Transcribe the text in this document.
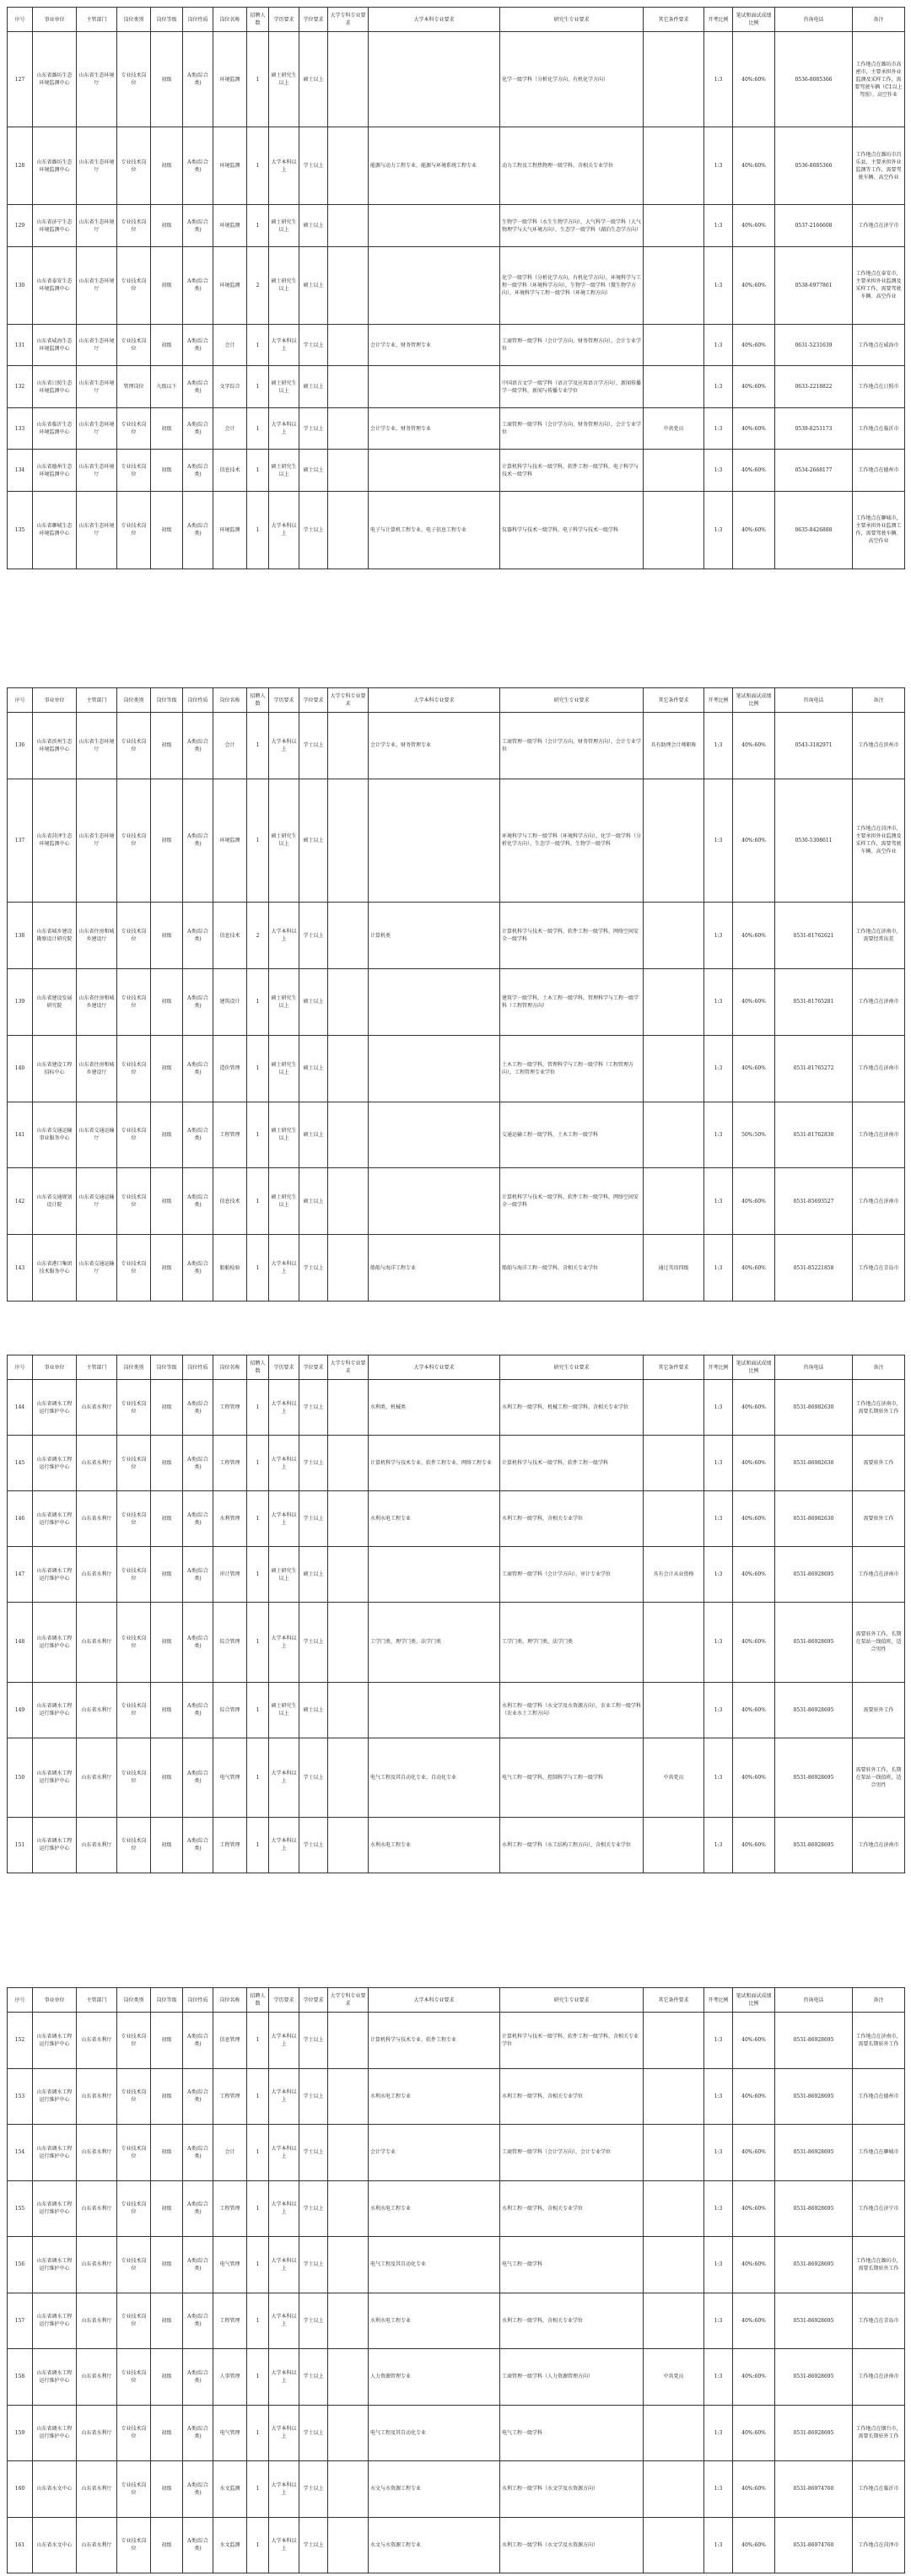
序号	事业单位	主管部门	岗位类别	岗位等级	岗位性质	岗位名称	招聘人数	学历要求	学位要求	大学专科专业要求	大学本科专业要求	研究生专业要求	其它条件要求	开考比例	笔试和面试成绩比例	咨询电话	备注
127	山东省潍坊生态环境监测中心	山东省生态环境厅	专业技术岗位	初级	A类(综合类)	环境监测	1	硕士研究生以上	硕士以上			化学一级学科（分析化学方向、有机化学方向）		1:3	40%:60%	0536-8085366	工作地点在潍坊市高密市，主要承担外业监测及采样工作，需要驾驶车辆（C1以上驾照）、高空作业
128	山东省潍坊生态环境监测中心	山东省生态环境厅	专业技术岗位	初级	A类(综合类)	环境监测	1	大学本科以上	学士以上		能源与动力工程专业、能源与环境系统工程专业	动力工程及工程热物理一级学科，含相关专业学位		1:3	40%:60%	0536-8085366	工作地点在潍坊市昌乐县，主要承担外业监测等工作，需要驾驶车辆、高空作业
129	山东省济宁生态环境监测中心	山东省生态环境厅	专业技术岗位	初级	A类(综合类)	环境监测	1	硕士研究生以上	硕士以上			生物学一级学科（水生生物学方向），大气科学一级学科（大气物理学与大气环境方向），生态学一级学科（湖泊生态学方向）		1:3	40%:60%	0537-2166608	工作地点在济宁市
130	山东省泰安生态环境监测中心	山东省生态环境厅	专业技术岗位	初级	A类(综合类)	环境监测	2	硕士研究生以上	硕士以上			化学一级学科（分析化学方向、有机化学方向），环境科学与工程一级学科（环境科学方向），生物学一级学科（微生物学方向），环境科学与工程一级学科（环境工程方向）		1:3	40%:60%	0538-6977861	工作地点在泰安市，主要承担外业监测及采样工作，需要驾驶车辆、高空作业
131	山东省威海生态环境监测中心	山东省生态环境厅	专业技术岗位	初级	A类(综合类)	会计	1	大学本科以上	学士以上		会计学专业、财务管理专业	工商管理一级学科（会计学方向、财务管理方向），会计专业学位		1:3	40%:60%	0631-5231639	工作地点在威海市
132	山东省日照生态环境监测中心	山东省生态环境厅	管理岗位	九级以下	A类(综合类)	文字综合	1	硕士研究生以上	硕士以上			中国语言文学一级学科（语言学及应用语言学方向），新闻传播学一级学科，新闻与传播专业学位		1:3	40%:60%	0633-2218822	工作地点在日照市
133	山东省临沂生态环境监测中心	山东省生态环境厅	专业技术岗位	初级	A类(综合类)	会计	1	大学本科以上	学士以上		会计学专业、财务管理专业	工商管理一级学科（会计学方向、财务管理方向），会计专业学位	中共党员	1:3	40%:60%	0539-8251173	工作地点在临沂市
134	山东省德州生态环境监测中心	山东省生态环境厅	专业技术岗位	初级	A类(综合类)	信息技术	1	硕士研究生以上	硕士以上			计算机科学与技术一级学科，软件工程一级学科，电子科学与技术一级学科		1:3	40%:60%	0534-2668177	工作地点在德州市
135	山东省聊城生态环境监测中心	山东省生态环境厅	专业技术岗位	初级	A类(综合类)	环境监测	1	大学本科以上	学士以上		电子与计算机工程专业、电子信息工程专业	仪器科学与技术一级学科，电子科学与技术一级学科		1:3	40%:60%	0635-8426888	工作地点在聊城市，主要承担外业监测工作，需要驾驶车辆、高空作业
序号	事业单位	主管部门	岗位类别	岗位等级	岗位性质	岗位名称	招聘人数	学历要求	学位要求	大学专科专业要求	大学本科专业要求	研究生专业要求	其它条件要求	开考比例	笔试和面试成绩比例	咨询电话	备注
136	山东省滨州生态环境监测中心	山东省生态环境厅	专业技术岗位	初级	A类(综合类)	会计	1	大学本科以上	学士以上		会计学专业、财务管理专业	工商管理一级学科（会计学方向、财务管理方向），会计专业学位	具有助理会计师职称	1:3	40%:60%	0543-3182971	工作地点在滨州市
137	山东省菏泽生态环境监测中心	山东省生态环境厅	专业技术岗位	初级	A类(综合类)	环境监测	1	硕士研究生以上	硕士以上			环境科学与工程一级学科（环境科学方向），化学一级学科（分析化学方向），生态学一级学科，生物学一级学科		1:3	40%:60%	0530-5308611	工作地点在菏泽市，主要承担外业监测及采样工作，需要驾驶车辆、高空作业
138	山东省城乡建设勘察设计研究院	山东省住房和城乡建设厅	专业技术岗位	初级	A类(综合类)	信息技术	2	大学本科以上	学士以上		计算机类	计算机科学与技术一级学科，软件工程一级学科，网络空间安全一级学科		1:3	40%:60%	0531-81762621	工作地点在济南市，需要经常出差
139	山东省建设发展研究院	山东省住房和城乡建设厅	专业技术岗位	初级	A类(综合类)	建筑设计	1	硕士研究生以上	硕士以上			建筑学一级学科，土木工程一级学科，管理科学与工程一级学科（工程管理方向）		1:3	40%:60%	0531-81765281	工作地点在济南市
140	山东省建设工程招标中心	山东省住房和城乡建设厅	专业技术岗位	初级	A类(综合类)	造价管理	1	硕士研究生以上	硕士以上			土木工程一级学科，管理科学与工程一级学科（工程管理方向），工程管理专业学位		1:3	40%:60%	0531-81765272	工作地点在济南市
141	山东省交通运输事业服务中心	山东省交通运输厅	专业技术岗位	初级	A类(综合类)	工程管理	1	硕士研究生以上	硕士以上			交通运输工程一级学科，土木工程一级学科		1:3	50%:50%	0531-81762830	工作地点在济南市
142	山东省交通规划设计院	山东省交通运输厅	专业技术岗位	初级	A类(综合类)	信息技术	1	硕士研究生以上	硕士以上			计算机科学与技术一级学科，软件工程一级学科，网络空间安全一级学科		1:3	40%:60%	0531-85693527	工作地点在济南市
143	山东省港口集团技术服务中心	山东省交通运输厅	专业技术岗位	初级	A类(综合类)	船舶检验	1	大学本科以上	学士以上		船舶与海洋工程专业	船舶与海洋工程一级学科，含相关专业学位	通过英语四级	1:3	40%:60%	0531-85221858	工作地点在青岛市
序号	事业单位	主管部门	岗位类别	岗位等级	岗位性质	岗位名称	招聘人数	学历要求	学位要求	大学专科专业要求	大学本科专业要求	研究生专业要求	其它条件要求	开考比例	笔试和面试成绩比例	咨询电话	备注
144	山东省调水工程运行维护中心	山东省水利厅	专业技术岗位	初级	A类(综合类)	工程管理	1	大学本科以上	学士以上		水利类、机械类	水利工程一级学科，机械工程一级学科，含相关专业学位		1:3	40%:60%	0531-86982630	工作地点在济南市，需要长期驻外工作
145	山东省调水工程运行维护中心	山东省水利厅	专业技术岗位	初级	A类(综合类)	工程管理	1	大学本科以上	学士以上		计算机科学与技术专业、软件工程专业、网络工程专业	计算机科学与技术一级学科，软件工程一级学科		1:3	40%:60%	0531-86982630	需要驻外工作
146	山东省调水工程运行维护中心	山东省水利厅	专业技术岗位	初级	A类(综合类)	水利管理	1	大学本科以上	学士以上		水利水电工程专业	水利工程一级学科，含相关专业学位		1:3	40%:60%	0531-86982630	需要驻外工作
147	山东省调水工程运行维护中心	山东省水利厅	专业技术岗位	初级	A类(综合类)	审计管理	1	硕士研究生以上	硕士以上			工商管理一级学科（会计学方向），审计专业学位	具有会计从业资格	1:3	40%:60%	0531-86928695	工作地点在济南市
148	山东省调水工程运行维护中心	山东省水利厅	专业技术岗位	初级	A类(综合类)	综合管理	1	大学本科以上	学士以上		工学门类、理学门类、法学门类	工学门类、理学门类、法学门类		1:3	40%:60%	0531-86928695	需要驻外工作，长期在泵站一线值班，适合男性
149	山东省调水工程运行维护中心	山东省水利厅	专业技术岗位	初级	A类(综合类)	综合管理	1	硕士研究生以上	硕士以上			水利工程一级学科（水文学及水资源方向），农业工程一级学科（农业水土工程方向）		1:3	40%:60%	0531-86928695	需要驻外工作
150	山东省调水工程运行维护中心	山东省水利厅	专业技术岗位	初级	A类(综合类)	电气管理	1	大学本科以上	学士以上		电气工程及其自动化专业、自动化专业	电气工程一级学科，控制科学与工程一级学科	中共党员	1:3	40%:60%	0531-86928695	需要驻外工作，长期在泵站一线值班，适合男性
151	山东省调水工程运行维护中心	山东省水利厅	专业技术岗位	初级	A类(综合类)	工程管理	1	大学本科以上	学士以上		水利水电工程专业	水利工程一级学科（水工结构工程方向），含相关专业学位		1:3	40%:60%	0531-86928695	工作地点在济南市
序号	事业单位	主管部门	岗位类别	岗位等级	岗位性质	岗位名称	招聘人数	学历要求	学位要求	大学专科专业要求	大学本科专业要求	研究生专业要求	其它条件要求	开考比例	笔试和面试成绩比例	咨询电话	备注
152	山东省调水工程运行维护中心	山东省水利厅	专业技术岗位	初级	A类(综合类)	信息管理	1	大学本科以上	学士以上		计算机科学与技术专业、软件工程专业	计算机科学与技术一级学科，软件工程一级学科，含相关专业学位		1:3	40%:60%	0531-86928695	工作地点在济南市，需要长期驻外工作
153	山东省调水工程运行维护中心	山东省水利厅	专业技术岗位	初级	A类(综合类)	工程管理	1	大学本科以上	学士以上		水利水电工程专业	水利工程一级学科，含相关专业学位		1:3	40%:60%	0531-86928695	工作地点在德州市
154	山东省调水工程运行维护中心	山东省水利厅	专业技术岗位	初级	A类(综合类)	会计	1	大学本科以上	学士以上		会计学专业	工商管理一级学科（会计学方向），会计专业学位		1:3	40%:60%	0531-86928695	工作地点在聊城市
155	山东省调水工程运行维护中心	山东省水利厅	专业技术岗位	初级	A类(综合类)	工程管理	1	大学本科以上	学士以上		水利水电工程专业	水利工程一级学科，含相关专业学位		1:3	40%:60%	0531-86928695	工作地点在济宁市
156	山东省调水工程运行维护中心	山东省水利厅	专业技术岗位	初级	A类(综合类)	电气管理	1	大学本科以上	学士以上		电气工程及其自动化专业	电气工程一级学科		1:3	40%:60%	0531-86928695	工作地点在潍坊市，需要长期驻外工作
157	山东省调水工程运行维护中心	山东省水利厅	专业技术岗位	初级	A类(综合类)	工程管理	1	大学本科以上	学士以上		水利水电工程专业	水利工程一级学科，含相关专业学位		1:3	40%:60%	0531-86928695	工作地点在青岛市
158	山东省调水工程运行维护中心	山东省水利厅	专业技术岗位	初级	A类(综合类)	人事管理	1	大学本科以上	学士以上		人力资源管理专业	工商管理一级学科（人力资源管理方向）	中共党员	1:3	40%:60%	0531-86928695	工作地点在济南市
159	山东省调水工程运行维护中心	山东省水利厅	专业技术岗位	初级	A类(综合类)	电气管理	1	大学本科以上	学士以上		电气工程及其自动化专业	电气工程一级学科		1:3	40%:60%	0531-86928695	工作地点在烟台市，需要长期驻外工作
160	山东省水文中心	山东省水利厅	专业技术岗位	初级	A类(综合类)	水文监测	1	大学本科以上	学士以上		水文与水资源工程专业	水利工程一级学科（水文学及水资源方向）		1:3	40%:60%	0531-86974760	工作地点在临沂市
161	山东省水文中心	山东省水利厅	专业技术岗位	初级	A类(综合类)	水文监测	1	大学本科以上	学士以上		水文与水资源工程专业	水利工程一级学科（水文学及水资源方向）		1:3	40%:60%	0531-86974760	工作地点在菏泽市
